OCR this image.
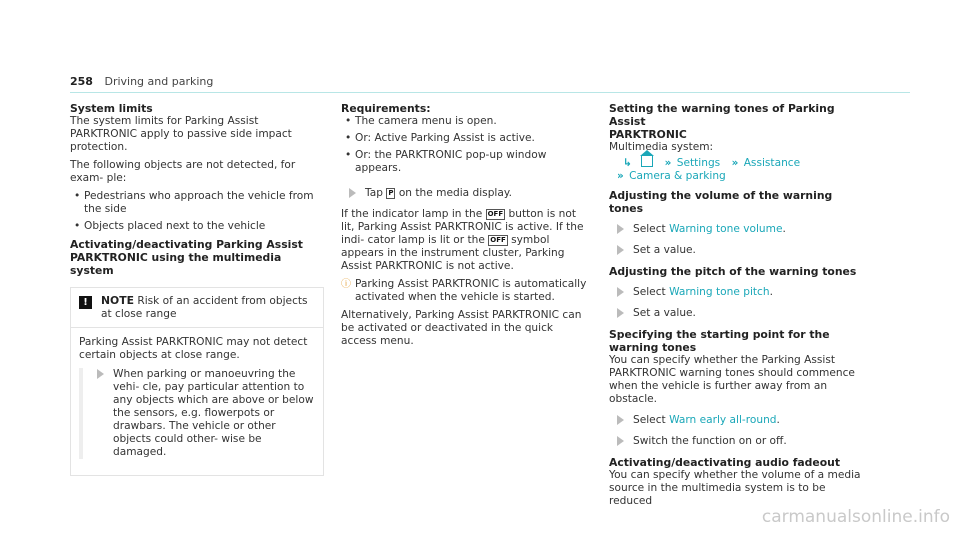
258 Driving and parking
System limits

The system limits for Parking Assist PARKTRONIC apply to passive side impact protection.

The following objects are not detected, for exam- ple:

• Pedestrians who approach the vehicle from the side
• Objects placed next to the vehicle
Activating/deactivating Parking Assist
PARKTRONIC using the multimedia system
!	NOTE Risk of an accident from objects at close range

Parking Assist PARKTRONIC may not detect certain objects at close range.

When parking or manoeuvring the vehi- cle, pay particular attention to any objects which are above or below the sensors, e.g. flowerpots or drawbars. The vehicle or other objects could other- wise be damaged.
Requirements:
• The camera menu is open.
• Or: Active Parking Assist is active.
• Or: the PARKTRONIC pop-up window appears.
Tap P on the media display.

If the indicator lamp in the OFF button is not lit, Parking Assist PARKTRONIC is active. If the indi- cator lamp is lit or the OFF symbol appears in the instrument cluster, Parking Assist PARKTRONIC is not active.

ⓘ Parking Assist PARKTRONIC is automatically activated when the vehicle is started.

Alternatively, Parking Assist PARKTRONIC can be activated or deactivated in the quick access menu.

Setting the warning tones of Parking Assist
PARKTRONIC
Multimedia system:
↳	›› Settings ›› Assistance
›› Camera & parking
Adjusting the volume of the warning tones
Select Warning tone volume.
Set a value.
Adjusting the pitch of the warning tones
Select Warning tone pitch.
Set a value.
Specifying the starting point for the warning tones

You can specify whether the Parking Assist PARKTRONIC warning tones should commence when the vehicle is further away from an obstacle.

Select Warn early all-round.
Switch the function on or off.
Activating/deactivating audio fadeout

You can specify whether the volume of a media source in the multimedia system is to be reduced

carmanualsonline.info
